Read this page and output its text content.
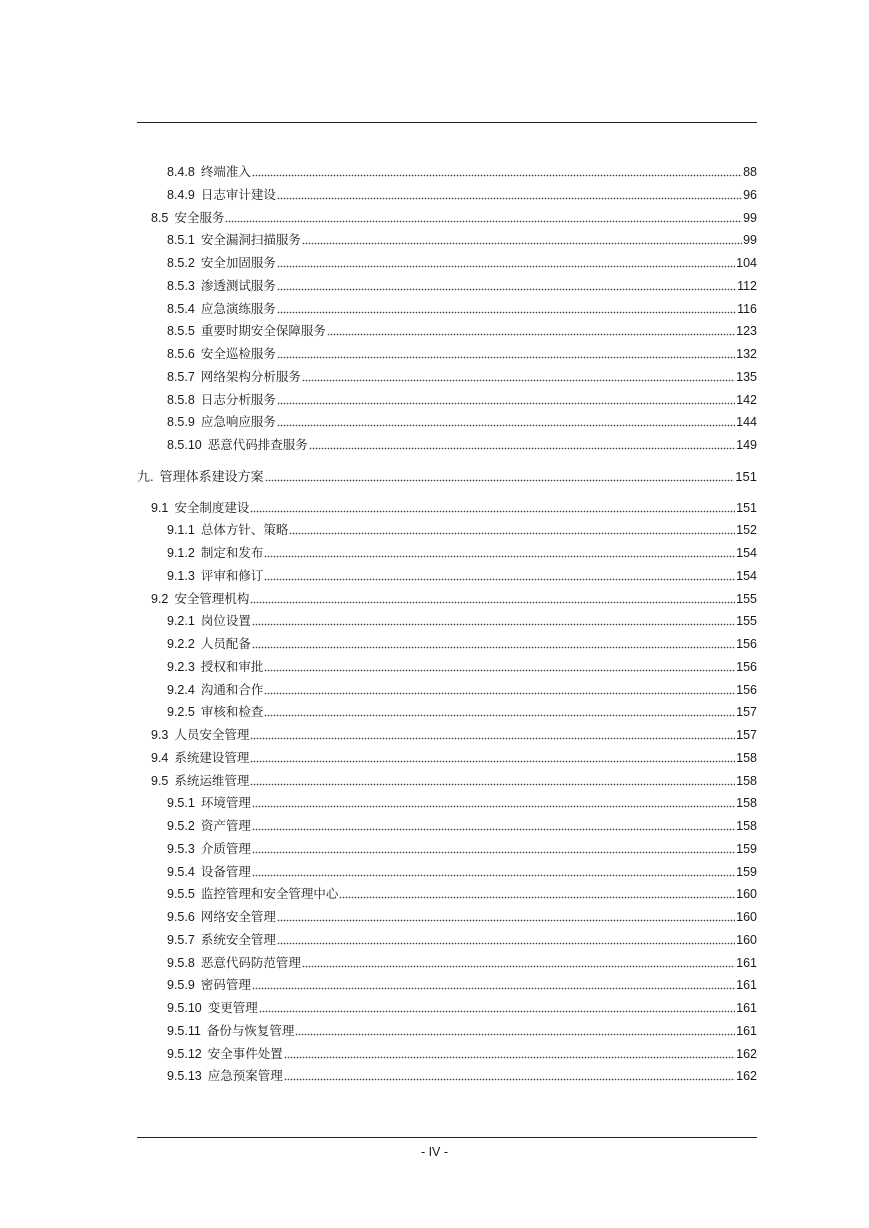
8.4.8 终端准入	88
8.4.9 日志审计建设	96
8.5 安全服务	99
8.5.1 安全漏洞扫描服务	99
8.5.2 安全加固服务	104
8.5.3 渗透测试服务	112
8.5.4 应急演练服务	116
8.5.5 重要时期安全保障服务	123
8.5.6 安全巡检服务	132
8.5.7 网络架构分析服务	135
8.5.8 日志分析服务	142
8.5.9 应急响应服务	144
8.5.10 恶意代码排查服务	149
九. 管理体系建设方案	151
9.1 安全制度建设	151
9.1.1 总体方针、策略	152
9.1.2 制定和发布	154
9.1.3 评审和修订	154
9.2 安全管理机构	155
9.2.1 岗位设置	155
9.2.2 人员配备	156
9.2.3 授权和审批	156
9.2.4 沟通和合作	156
9.2.5 审核和检查	157
9.3 人员安全管理	157
9.4 系统建设管理	158
9.5 系统运维管理	158
9.5.1 环境管理	158
9.5.2 资产管理	158
9.5.3 介质管理	159
9.5.4 设备管理	159
9.5.5 监控管理和安全管理中心	160
9.5.6 网络安全管理	160
9.5.7 系统安全管理	160
9.5.8 恶意代码防范管理	161
9.5.9 密码管理	161
9.5.10 变更管理	161
9.5.11 备份与恢复管理	161
9.5.12 安全事件处置	162
9.5.13 应急预案管理	162
- IV -
